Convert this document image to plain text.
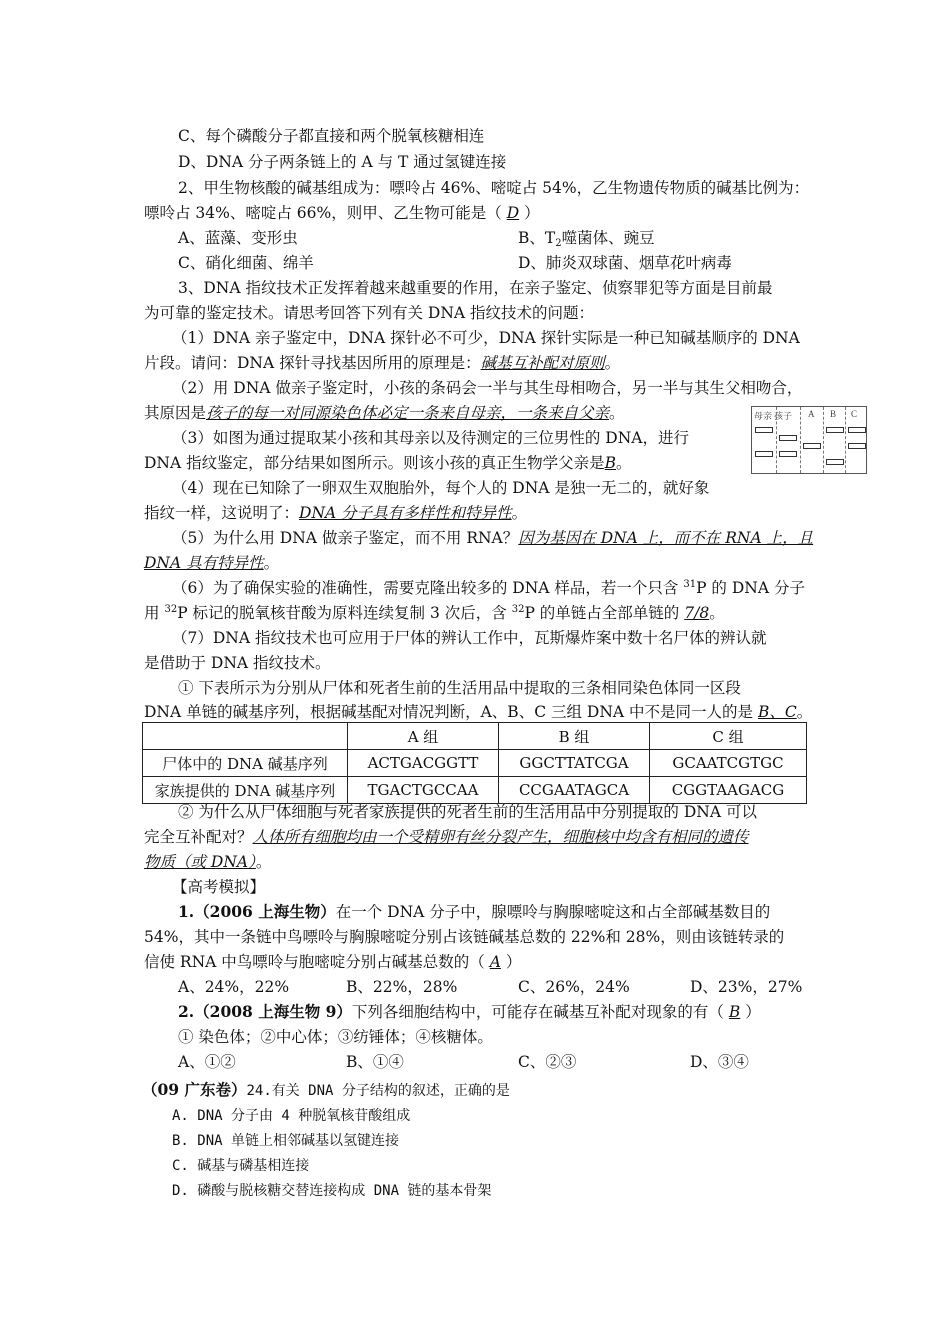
C、每个磷酸分子都直接和两个脱氧核糖相连
D、DNA 分子两条链上的 A 与 T 通过氢键连接
2、甲生物核酸的碱基组成为：嘌呤占 46%、嘧啶占 54%，乙生物遗传物质的碱基比例为：
嘌呤占 34%、嘧啶占 66%，则甲、乙生物可能是（ D ）
A、蓝藻、变形虫	B、$T_2$噬菌体、豌豆
C、硝化细菌、绵羊	D、肺炎双球菌、烟草花叶病毒
3、DNA 指纹技术正发挥着越来越重要的作用，在亲子鉴定、侦察罪犯等方面是目前最
为可靠的鉴定技术。请思考回答下列有关 DNA 指纹技术的问题：
（1）DNA 亲子鉴定中，DNA 探针必不可少，DNA 探针实际是一种已知碱基顺序的 DNA
片段。请问：DNA 探针寻找基因所用的原理是：碱基互补配对原则。
（2）用 DNA 做亲子鉴定时，小孩的条码会一半与其生母相吻合，另一半与其生父相吻合，
其原因是孩子的每一对同源染色体必定一条来自母亲，一条来自父亲。	母亲 孩子 A B C
（3）如图为通过提取某小孩和其母亲以及待测定的三位男性的 DNA，进行
DNA 指纹鉴定，部分结果如图所示。则该小孩的真正生物学父亲是B。
（4）现在已知除了一卵双生双胞胎外，每个人的 DNA 是独一无二的，就好象
指纹一样，这说明了：DNA 分子具有多样性和特异性。
（5）为什么用 DNA 做亲子鉴定，而不用 RNA？因为基因在 DNA 上，而不在 RNA 上，且
DNA 具有特异性。
（6）为了确保实验的准确性，需要克隆出较多的 DNA 样品，若一个只含 $^{31}$P 的 DNA 分子
用 $^{32}$P 标记的脱氧核苷酸为原料连续复制 3 次后，含 $^{32}$P 的单链占全部单链的 7/8。
（7）DNA 指纹技术也可应用于尸体的辨认工作中，瓦斯爆炸案中数十名尸体的辨认就
是借助于 DNA 指纹技术。
① 下表所示为分别从尸体和死者生前的生活用品中提取的三条相同染色体同一区段
DNA 单链的碱基序列，根据碱基配对情况判断，A、B、C 三组 DNA 中不是同一人的是 B、C。
	A 组	B 组	C 组
尸体中的 DNA 碱基序列	ACTGACGGTT	GGCTTATCGA	GCAATCGTGC
家族提供的 DNA 碱基序列	TGACTGCCAA	CCGAATAGCA	CGGTAAGACG
② 为什么从尸体细胞与死者家族提供的死者生前的生活用品中分别提取的 DNA 可以
完全互补配对？人体所有细胞均由一个受精卵有丝分裂产生，细胞核中均含有相同的遗传
物质（或 DNA）。
【高考模拟】
1.（2006 上海生物）在一个 DNA 分子中，腺嘌呤与胸腺嘧啶这和占全部碱基数目的
54%，其中一条链中鸟嘌呤与胸腺嘧啶分别占该链碱基总数的 22%和 28%，则由该链转录的
信使 RNA 中鸟嘌呤与胞嘧啶分别占碱基总数的（ A ）
A、24%，22%	B、22%，28%	C、26%，24%	D、23%，27%
2.（2008 上海生物 9）下列各细胞结构中，可能存在碱基互补配对现象的有（ B ）
① 染色体；②中心体；③纺锤体；④核糖体。
A、①②	B、①④	C、②③	D、③④
（09 广东卷）24.有关 DNA 分子结构的叙述，正确的是
A. DNA 分子由 4 种脱氧核苷酸组成
B. DNA 单链上相邻碱基以氢键连接
C. 碱基与磷基相连接
D. 磷酸与脱核糖交替连接构成 DNA 链的基本骨架
